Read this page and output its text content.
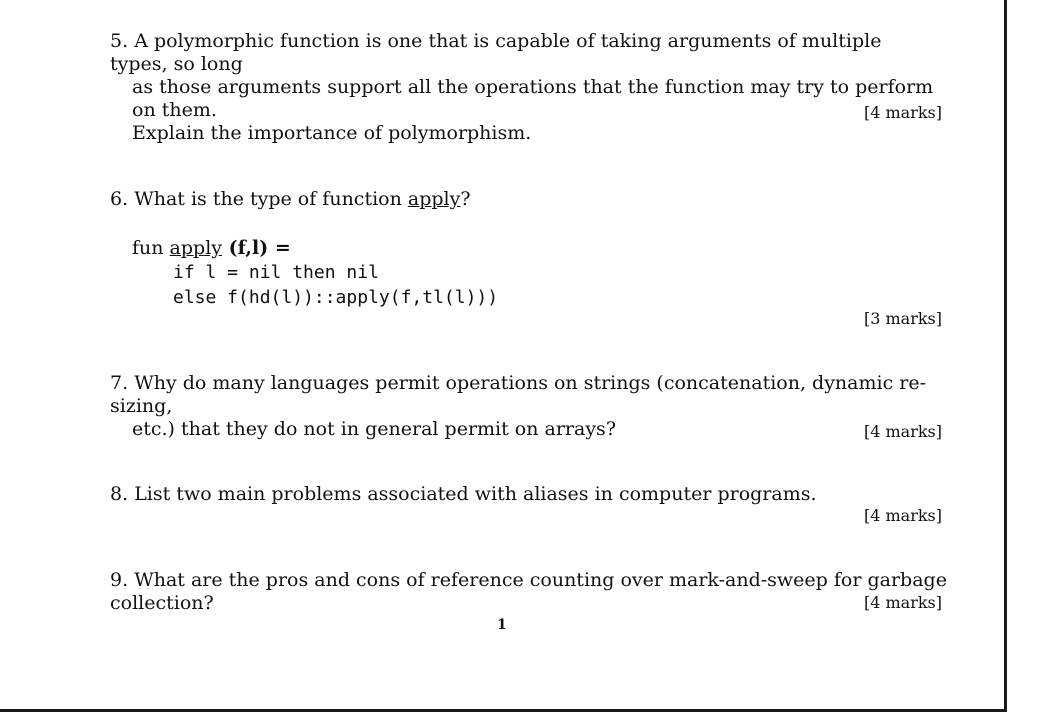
5. A polymorphic function is one that is capable of taking arguments of multiple types, so long
as those arguments support all the operations that the function may try to perform on them.
Explain the importance of polymorphism.
[4 marks]
6. What is the type of function apply?
fun apply (f,l) =
if l = nil then nil
else f(hd(l))::apply(f,tl(l)))
[3 marks]
7. Why do many languages permit operations on strings (concatenation, dynamic re-sizing,
etc.) that they do not in general permit on arrays?	[4 marks]
8. List two main problems associated with aliases in computer programs.
[4 marks]
9. What are the pros and cons of reference counting over mark-and-sweep for garbage collection?	[4 marks]
1
